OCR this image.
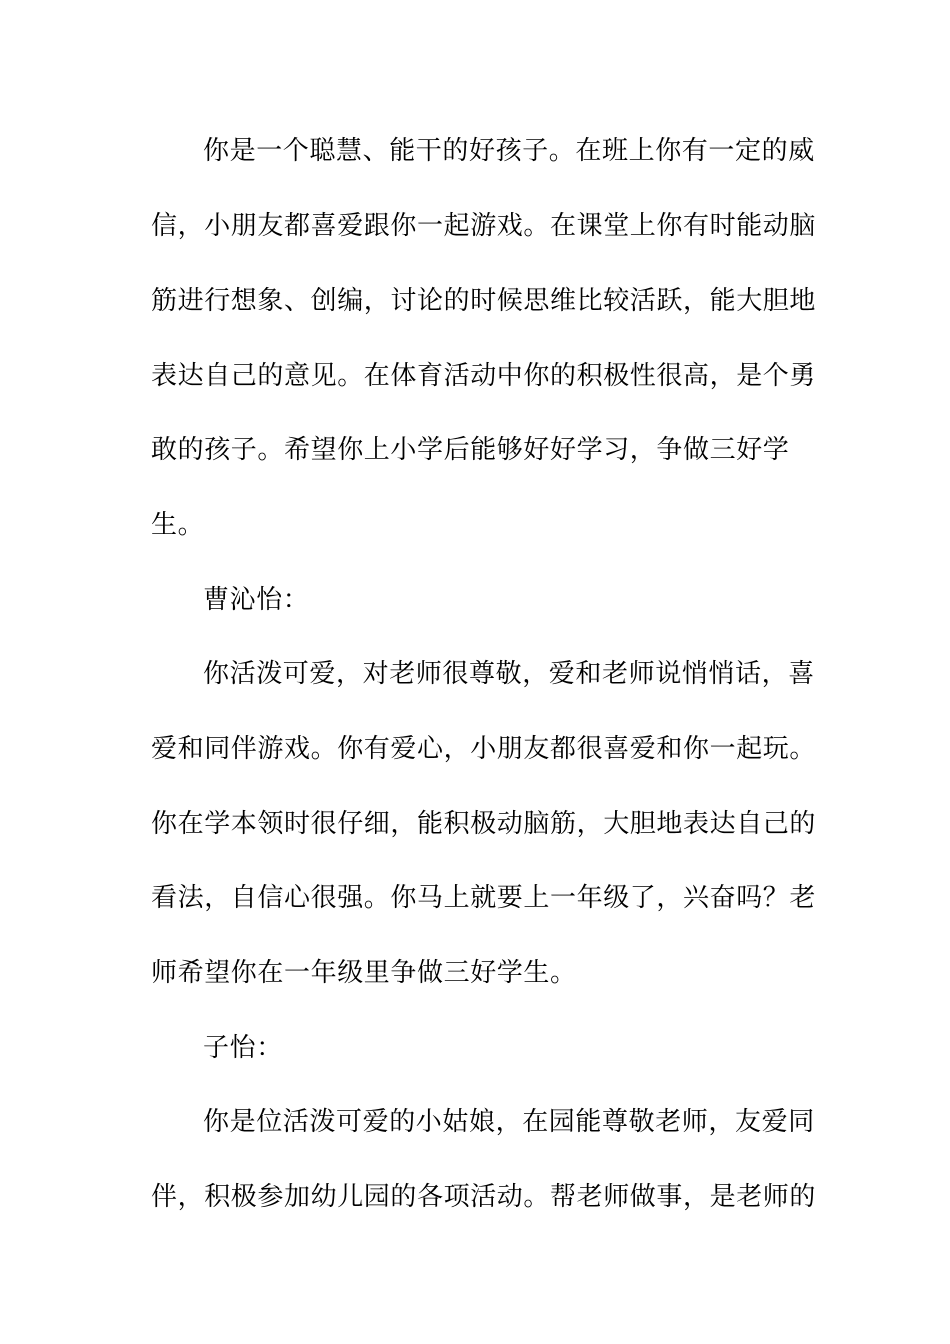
你是一个聪慧、能干的好孩子。在班上你有一定的威
信，小朋友都喜爱跟你一起游戏。在课堂上你有时能动脑
筋进行想象、创编，讨论的时候思维比较活跃，能大胆地
表达自己的意见。在体育活动中你的积极性很高，是个勇
敢的孩子。希望你上小学后能够好好学习，争做三好学
生。
曹沁怡：
你活泼可爱，对老师很尊敬，爱和老师说悄悄话，喜
爱和同伴游戏。你有爱心，小朋友都很喜爱和你一起玩。
你在学本领时很仔细，能积极动脑筋，大胆地表达自己的
看法，自信心很强。你马上就要上一年级了，兴奋吗？老
师希望你在一年级里争做三好学生。
子怡：
你是位活泼可爱的小姑娘，在园能尊敬老师，友爱同
伴，积极参加幼儿园的各项活动。帮老师做事，是老师的
